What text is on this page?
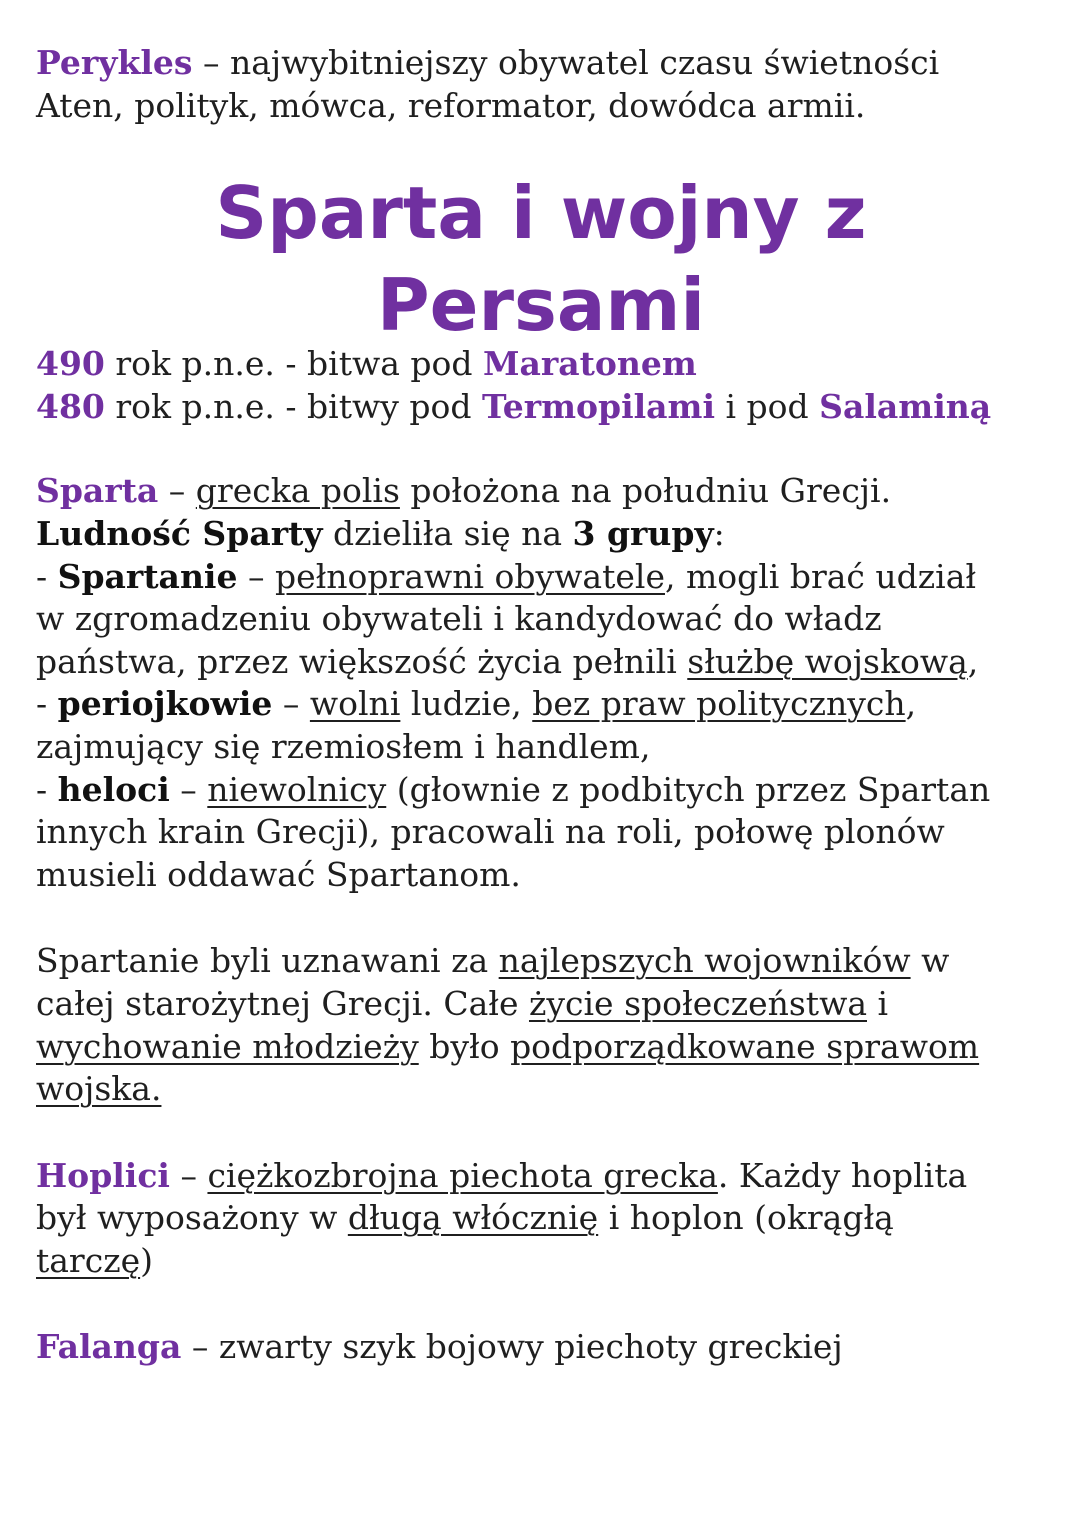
Perykles – najwybitniejszy obywatel czasu świetności
Aten, polityk, mówca, reformator, dowódca armii.

Sparta i wojny z
Persami

490 rok p.n.e. - bitwa pod Maratonem
480 rok p.n.e. - bitwy pod Termopilami i pod Salaminą

Sparta – grecka polis położona na południu Grecji.
Ludność Sparty dzieliła się na 3 grupy:
- Spartanie – pełnoprawni obywatele, mogli brać udział
w zgromadzeniu obywateli i kandydować do władz
państwa, przez większość życia pełnili służbę wojskową,
- periojkowie – wolni ludzie, bez praw politycznych,
zajmujący się rzemiosłem i handlem,
- heloci – niewolnicy (głownie z podbitych przez Spartan
innych krain Grecji), pracowali na roli, połowę plonów
musieli oddawać Spartanom.

Spartanie byli uznawani za najlepszych wojowników w
całej starożytnej Grecji. Całe życie społeczeństwa i
wychowanie młodzieży było podporządkowane sprawom
wojska.

Hoplici – ciężkozbrojna piechota grecka. Każdy hoplita
był wyposażony w długą włócznię i hoplon (okrągłą
tarczę)

Falanga – zwarty szyk bojowy piechoty greckiej
